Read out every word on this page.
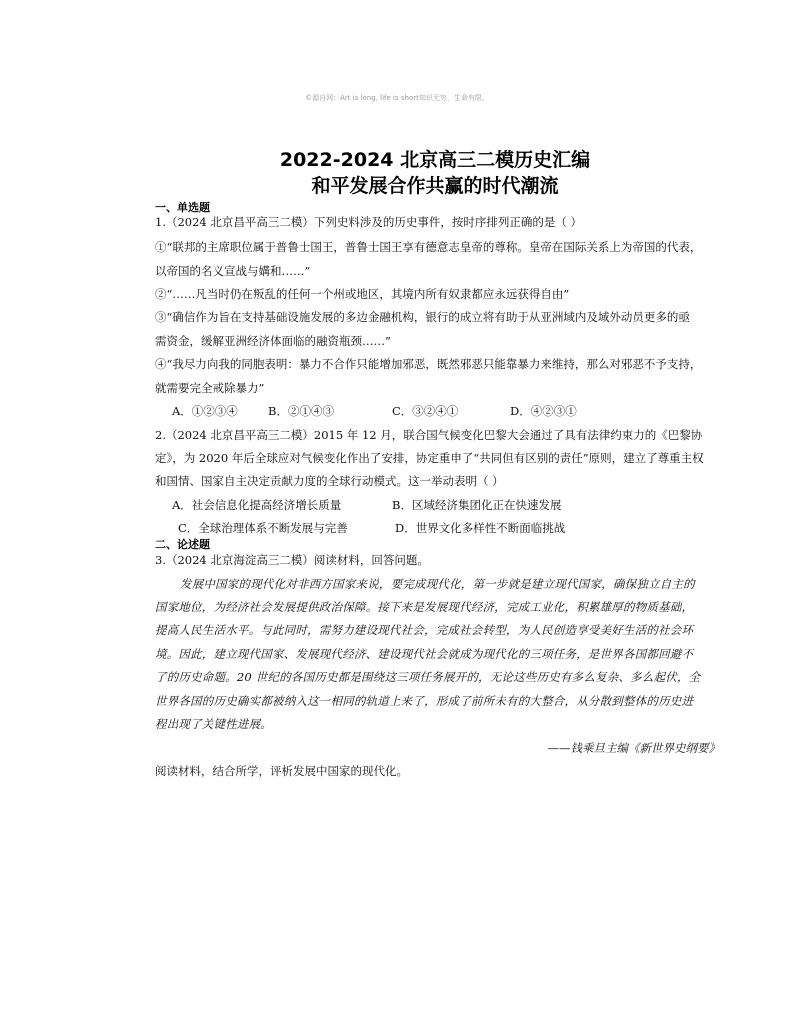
©源自网：Art is long, life is short知识无穷，生命有限。
2022-2024 北京高三二模历史汇编
和平发展合作共赢的时代潮流
一、单选题
1.（2024 北京昌平高三二模）下列史料涉及的历史事件，按时序排列正确的是（ ）
①“联邦的主席职位属于普鲁士国王，普鲁士国王享有德意志皇帝的尊称。皇帝在国际关系上为帝国的代表，
以帝国的名义宣战与媾和……”
②“……凡当时仍在叛乱的任何一个州或地区，其境内所有奴隶都应永远获得自由”
③“确信作为旨在支持基础设施发展的多边金融机构，银行的成立将有助于从亚洲域内及域外动员更多的亟
需资金，缓解亚洲经济体面临的融资瓶颈……”
④“我尽力向我的同胞表明：暴力不合作只能增加邪恶，既然邪恶只能靠暴力来维持，那么对邪恶不予支持，
就需要完全戒除暴力”
A．①②③④	B．②①④③	C．③②④①	D．④②③①
2.（2024 北京昌平高三二模）2015 年 12 月，联合国气候变化巴黎大会通过了具有法律约束力的《巴黎协
定》，为 2020 年后全球应对气候变化作出了安排，协定重申了“共同但有区别的责任”原则，建立了尊重主权
和国情、国家自主决定贡献力度的全球行动模式。这一举动表明（ ）
A．社会信息化提高经济增长质量	B．区域经济集团化正在快速发展
C．全球治理体系不断发展与完善	D．世界文化多样性不断面临挑战
二、论述题
3.（2024 北京海淀高三二模）阅读材料，回答问题。
发展中国家的现代化对非西方国家来说，要完成现代化，第一步就是建立现代国家，确保独立自主的
国家地位，为经济社会发展提供政治保障。接下来是发展现代经济，完成工业化，积累雄厚的物质基础，
提高人民生活水平。与此同时，需努力建设现代社会，完成社会转型，为人民创造享受美好生活的社会环
境。因此，建立现代国家、发展现代经济、建设现代社会就成为现代化的三项任务，是世界各国都回避不
了的历史命题。20 世纪的各国历史都是围绕这三项任务展开的，无论这些历史有多么复杂、多么起伏，全
世界各国的历史确实都被纳入这一相同的轨道上来了，形成了前所未有的大整合，从分散到整体的历史进
程出现了关键性进展。
——钱乘旦主编《新世界史纲要》
阅读材料，结合所学，评析发展中国家的现代化。
